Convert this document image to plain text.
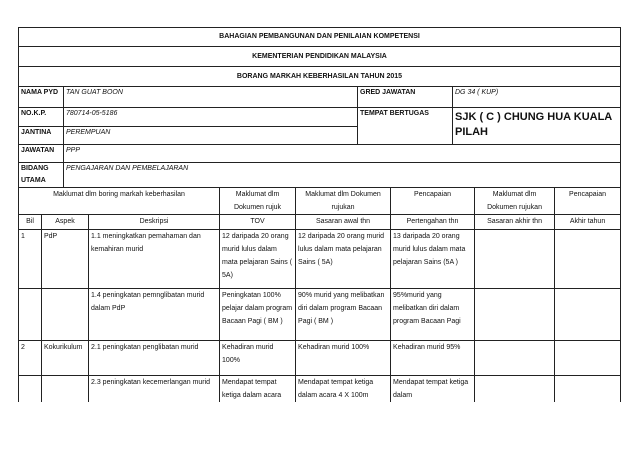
BAHAGIAN PEMBANGUNAN DAN PENILAIAN KOMPETENSI			
KEMENTERIAN PENDIDIKAN MALAYSIA			
BORANG MARKAH KEBERHASILAN TAHUN 2015			
NAMA PYD	TAN GUAT BOON	GRED JAWATAN	DG 34 ( KUP)
NO.K.P.	780714-05-5186	TEMPAT BERTUGAS	SJK ( C ) CHUNG HUA KUALA PILAH
JANTINA	PEREMPUAN		
JAWATAN	PPP		
BIDANG UTAMA	PENGAJARAN DAN PEMBELAJARAN		
Maklumat dlm boring markah keberhasilan			Maklumat dlm Dokumen rujuk	Maklumat dlm Dokumen rujukan	Pencapaian	Maklumat dlm Dokumen rujukan	Pencapaian
Bil	Aspek	Deskripsi	TOV	Sasaran awal thn	Pertengahan thn	Sasaran akhir thn	Akhir tahun
1	PdP	1.1 meningkatkan pemahaman dan kemahiran murid	12 daripada 20 orang murid lulus dalam mata pelajaran Sains ( 5A)	12 daripada 20 orang murid lulus dalam mata pelajaran Sains ( 5A)	13 daripada 20 orang murid lulus dalam mata pelajaran Sains (5A )		
		1.4 peningkatan pemnglibatan murid dalam PdP	Peningkatan 100% pelajar dalam program Bacaan Pagi ( BM )	90% murid yang melibatkan diri dalam program Bacaan Pagi ( BM )	95%murid yang melibatkan diri dalam program Bacaan Pagi		
2	Kokurikulum	2.1 peningkatan penglibatan murid	Kehadiran murid 100%	Kehadiran murid 100%	Kehadiran murid 95%		
		2.3 peningkatan kecemerlangan murid	Mendapat tempat ketiga dalam acara	Mendapat tempat ketiga dalam acara 4 X 100m	Mendapat tempat ketiga dalam		
